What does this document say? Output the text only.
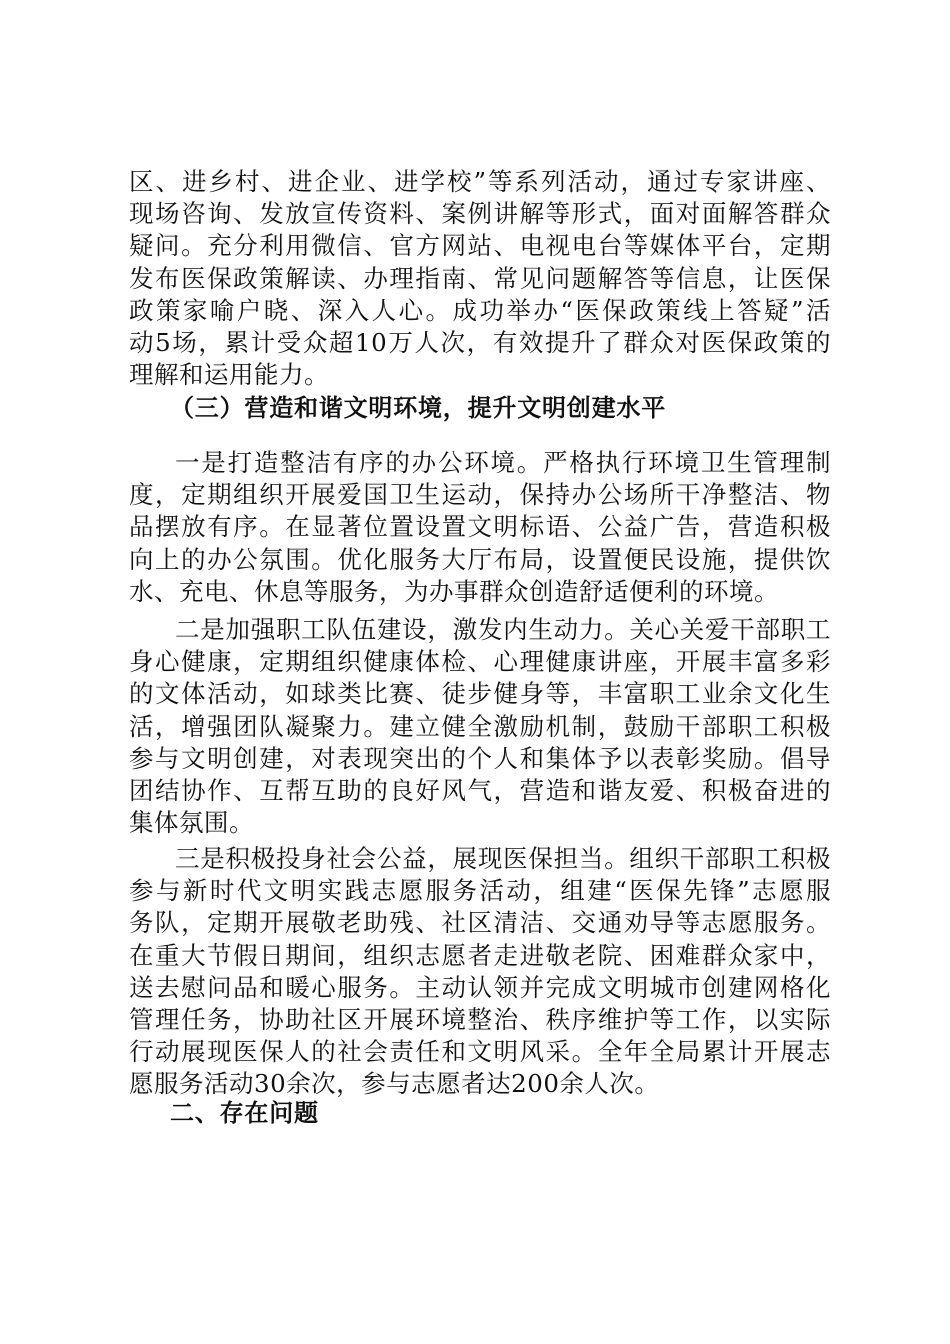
区、进乡村、进企业、进学校”等系列活动，通过专家讲座、
现场咨询、发放宣传资料、案例讲解等形式，面对面解答群众
疑问。充分利用微信、官方网站、电视电台等媒体平台，定期
发布医保政策解读、办理指南、常见问题解答等信息，让医保
政策家喻户晓、深入人心。成功举办“医保政策线上答疑”活
动5场，累计受众超10万人次，有效提升了群众对医保政策的
理解和运用能力。
（三）营造和谐文明环境，提升文明创建水平
一是打造整洁有序的办公环境。严格执行环境卫生管理制
度，定期组织开展爱国卫生运动，保持办公场所干净整洁、物
品摆放有序。在显著位置设置文明标语、公益广告，营造积极
向上的办公氛围。优化服务大厅布局，设置便民设施，提供饮
水、充电、休息等服务，为办事群众创造舒适便利的环境。
二是加强职工队伍建设，激发内生动力。关心关爱干部职工
身心健康，定期组织健康体检、心理健康讲座，开展丰富多彩
的文体活动，如球类比赛、徒步健身等，丰富职工业余文化生
活，增强团队凝聚力。建立健全激励机制，鼓励干部职工积极
参与文明创建，对表现突出的个人和集体予以表彰奖励。倡导
团结协作、互帮互助的良好风气，营造和谐友爱、积极奋进的
集体氛围。
三是积极投身社会公益，展现医保担当。组织干部职工积极
参与新时代文明实践志愿服务活动，组建“医保先锋”志愿服
务队，定期开展敬老助残、社区清洁、交通劝导等志愿服务。
在重大节假日期间，组织志愿者走进敬老院、困难群众家中，
送去慰问品和暖心服务。主动认领并完成文明城市创建网格化
管理任务，协助社区开展环境整治、秩序维护等工作，以实际
行动展现医保人的社会责任和文明风采。全年全局累计开展志
愿服务活动30余次，参与志愿者达200余人次。
二、存在问题
